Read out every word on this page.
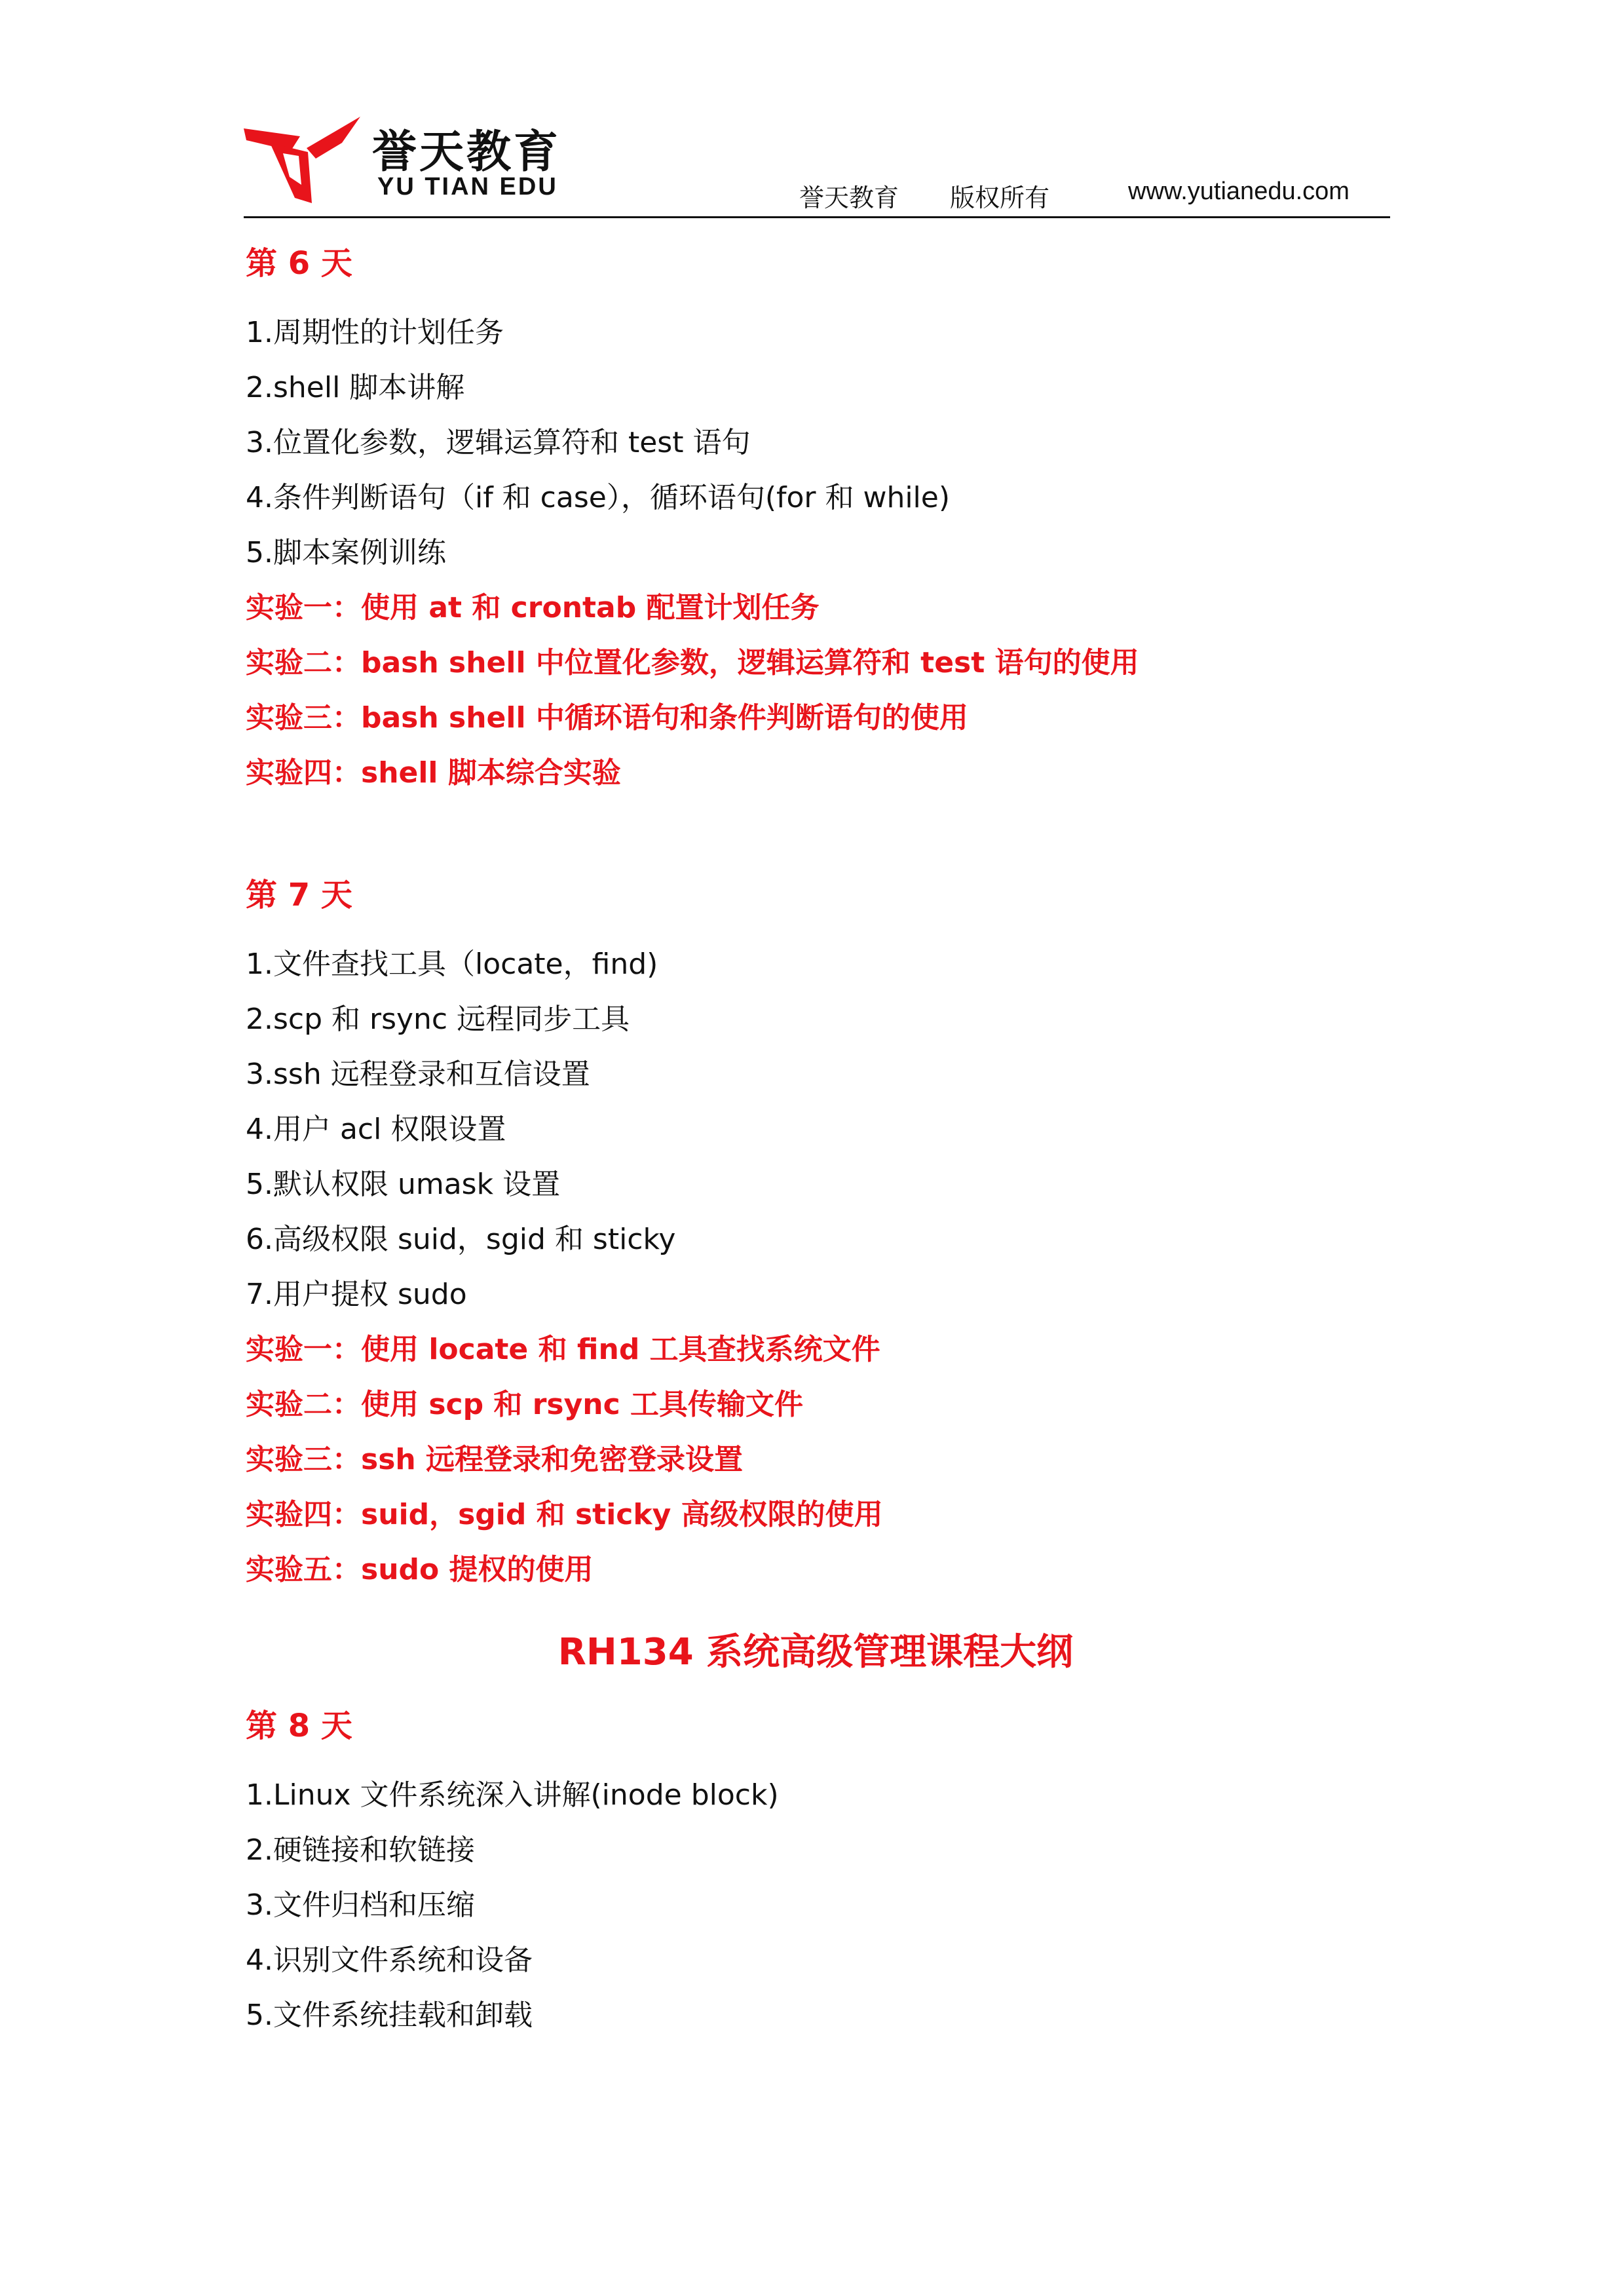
誉天教育
YU TIAN EDU	誉天教育 版权所有	www.yutianedu.com
第 6 天
1.周期性的计划任务
2.shell 脚本讲解
3.位置化参数，逻辑运算符和 test 语句
4.条件判断语句（if 和 case），循环语句(for 和 while)
5.脚本案例训练
实验一：使用 at 和 crontab 配置计划任务
实验二：bash shell 中位置化参数，逻辑运算符和 test 语句的使用
实验三：bash shell 中循环语句和条件判断语句的使用
实验四：shell 脚本综合实验
第 7 天
1.文件查找工具（locate，find)
2.scp 和 rsync 远程同步工具
3.ssh 远程登录和互信设置
4.用户 acl 权限设置
5.默认权限 umask 设置
6.高级权限 suid，sgid 和 sticky
7.用户提权 sudo
实验一：使用 locate 和 find 工具查找系统文件
实验二：使用 scp 和 rsync 工具传输文件
实验三：ssh 远程登录和免密登录设置
实验四：suid，sgid 和 sticky 高级权限的使用
实验五：sudo 提权的使用
RH134 系统高级管理课程大纲
第 8 天
1.Linux 文件系统深入讲解(inode block)
2.硬链接和软链接
3.文件归档和压缩
4.识别文件系统和设备
5.文件系统挂载和卸载
